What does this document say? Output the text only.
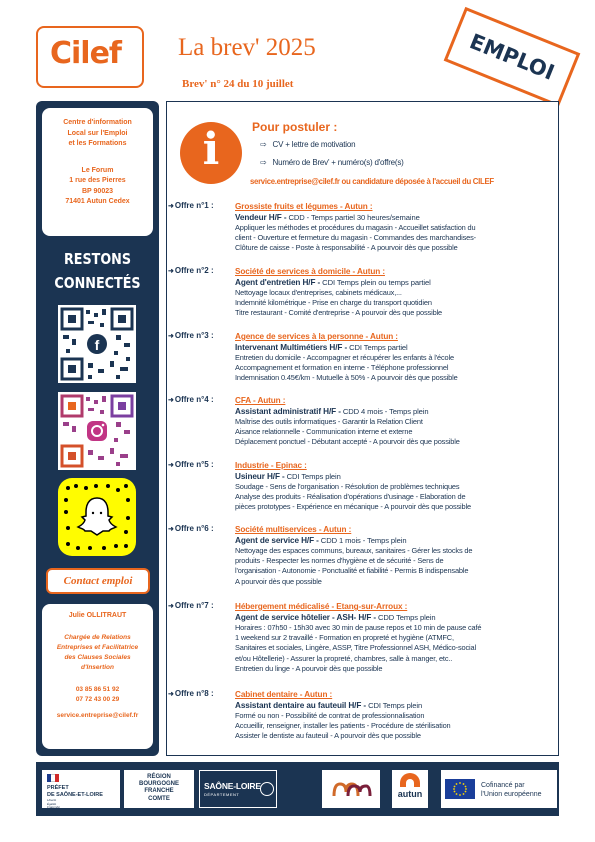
Cilef La brev' 2025
Brev' n° 24 du 10 juillet	EMPLOI
Centre d'information
Local sur l'Emploi
et les Formations
Le Forum
1 rue des Pierres
BP 90023
71401 Autun Cedex
RESTONS
CONNECTÉS
f
Contact emploi
Julie OLLITRAUT
Chargée de Relations
Entreprises et Facilitatrice
des Clauses Sociales
d'Insertion
03 85 86 51 92
07 72 43 00 29
service.entreprise@cilef.fr
i	Pour postuler :
⇨ CV + lettre de motivation
⇨ Numéro de Brev' + numéro(s) d'offre(s)
service.entreprise@cilef.fr ou candidature déposée à l'accueil du CILEF
➜Offre n°1 :	Grossiste fruits et légumes - Autun :
Vendeur H/F - CDD - Temps partiel 30 heures/semaine
Appliquer les méthodes et procédures du magasin - Accueillet satisfaction du
client - Ouverture et fermeture du magasin - Commandes des marchandises-
Clôture de caisse - Poste à responsabilité - A pourvoir dès que possible
➜Offre n°2 :	Société de services à domicile - Autun :
Agent d'entretien H/F - CDI Temps plein ou temps partiel
Nettoyage locaux d'entreprises, cabinets médicaux,...
Indemnité kilométrique - Prise en charge du transport quotidien
Titre restaurant - Comité d'entreprise - A pourvoir dès que possible
➜Offre n°3 :	Agence de services à la personne - Autun :
Intervenant Multimétiers H/F - CDI Temps partiel
Entretien du domicile - Accompagner et récupérer les enfants à l'école
Accompagnement et formation en interne - Téléphone professionnel
Indemnisation 0.45€/km - Mutuelle à 50% - A pourvoir dès que possible
➜Offre n°4 :	CFA - Autun :
Assistant administratif H/F - CDD 4 mois - Temps plein
Maîtrise des outils informatiques - Garantir la Relation Client
Aisance relationnelle - Communication interne et externe
Déplacement ponctuel - Débutant accepté - A pourvoir dès que possible
➜Offre n°5 :	Industrie - Epinac :
Usineur H/F - CDI Temps plein
Soudage - Sens de l'organisation - Résolution de problèmes techniques
Analyse des produits - Réalisation d'opérations d'usinage - Elaboration de
pièces prototypes - Expérience en mécanique - A pourvoir dès que possible
➜Offre n°6 :	Société multiservices - Autun :
Agent de service H/F - CDD 1 mois - Temps plein
Nettoyage des espaces communs, bureaux, sanitaires - Gérer les stocks de
produits - Respecter les normes d'hygiène et de sécurité - Sens de
l'organisation - Autonomie - Ponctualité et fiabilité - Permis B indispensable
A pourvoir dès que possible
➜Offre n°7 :	Hébergement médicalisé - Etang-sur-Arroux :
Agent de service hôtelier - ASH- H/F - CDD Temps plein
Horaires : 07h50 - 15h30 avec 30 min de pause repos et 10 min de pause café
1 weekend sur 2 travaillé - Formation en propreté et hygiène (ATMFC,
Sanitaires et sociales, Lingère, ASSP, Titre Professionnel ASH, Médico-social
et/ou Hôtellerie) - Assurer la propreté, chambres, salle à manger, etc..
Entretien du linge - A pourvoir dès que possible
➜Offre n°8 :	Cabinet dentaire - Autun :
Assistant dentaire au fauteuil H/F - CDI Temps plein
Formé ou non - Possibilité de contrat de professionnalisation
Accueillir, renseigner, installer les patients - Procédure de stérilisation
Assister le dentiste au fauteuil - A pourvoir dès que possible
PRÉFET
DE SAÔNE-ET-LOIRE
Liberté
Égalité
Fraternité
RÉGION
BOURGOGNE
FRANCHE
COMTE
SAÔNE-LOIRE
DÉPARTEMENT	autun
Cofinancé par
l'Union européenne
